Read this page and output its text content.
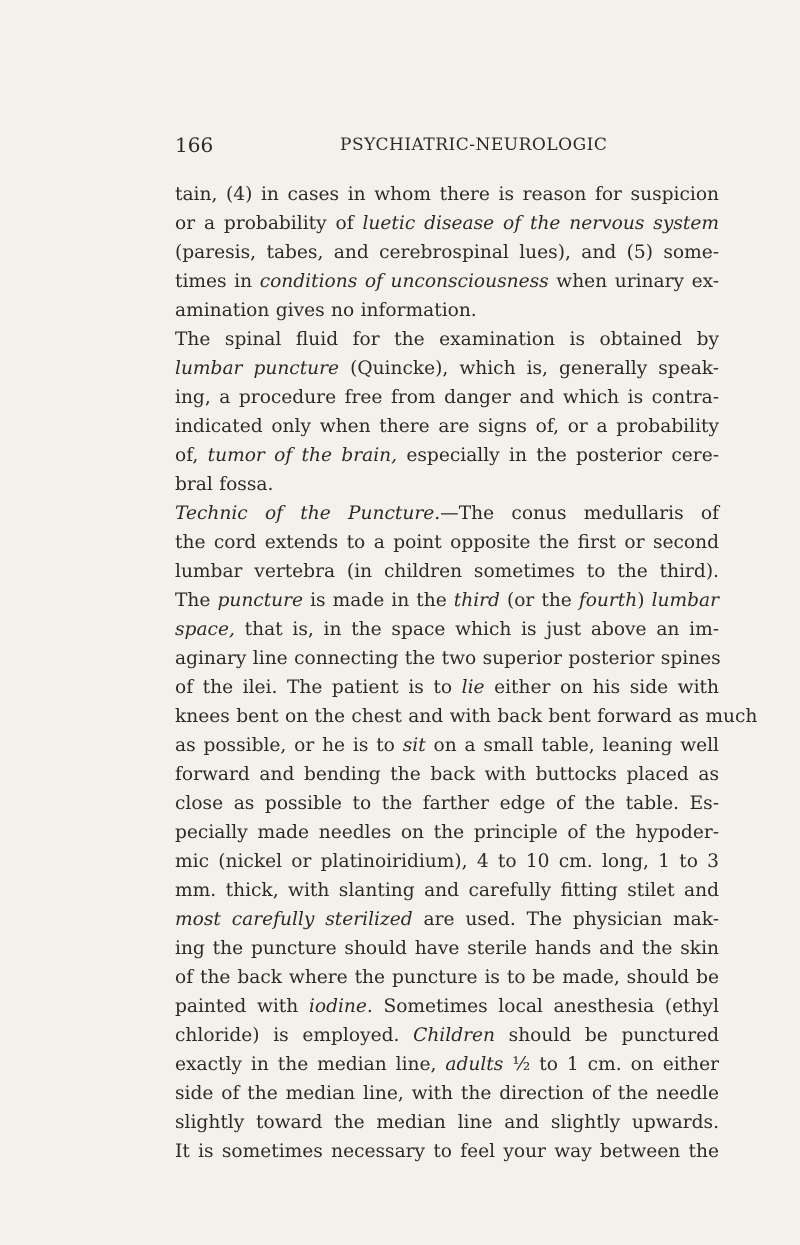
166	PSYCHIATRIC-NEUROLOGIC
tain, (4) in cases in whom there is reason for suspicion
or a probability of luetic disease of the nervous system
(paresis, tabes, and cerebrospinal lues), and (5) some-
times in conditions of unconsciousness when urinary ex-
amination gives no information.
The spinal fluid for the examination is obtained by
lumbar puncture (Quincke), which is, generally speak-
ing, a procedure free from danger and which is contra-
indicated only when there are signs of, or a probability
of, tumor of the brain, especially in the posterior cere-
bral fossa.
Technic of the Puncture.—The conus medullaris of
the cord extends to a point opposite the first or second
lumbar vertebra (in children sometimes to the third).
The puncture is made in the third (or the fourth) lumbar
space, that is, in the space which is just above an im-
aginary line connecting the two superior posterior spines
of the ilei. The patient is to lie either on his side with
knees bent on the chest and with back bent forward as much
as possible, or he is to sit on a small table, leaning well
forward and bending the back with buttocks placed as
close as possible to the farther edge of the table. Es-
pecially made needles on the principle of the hypoder-
mic (nickel or platinoiridium), 4 to 10 cm. long, 1 to 3
mm. thick, with slanting and carefully fitting stilet and
most carefully sterilized are used. The physician mak-
ing the puncture should have sterile hands and the skin
of the back where the puncture is to be made, should be
painted with iodine. Sometimes local anesthesia (ethyl
chloride) is employed. Children should be punctured
exactly in the median line, adults ½ to 1 cm. on either
side of the median line, with the direction of the needle
slightly toward the median line and slightly upwards.
It is sometimes necessary to feel your way between the
